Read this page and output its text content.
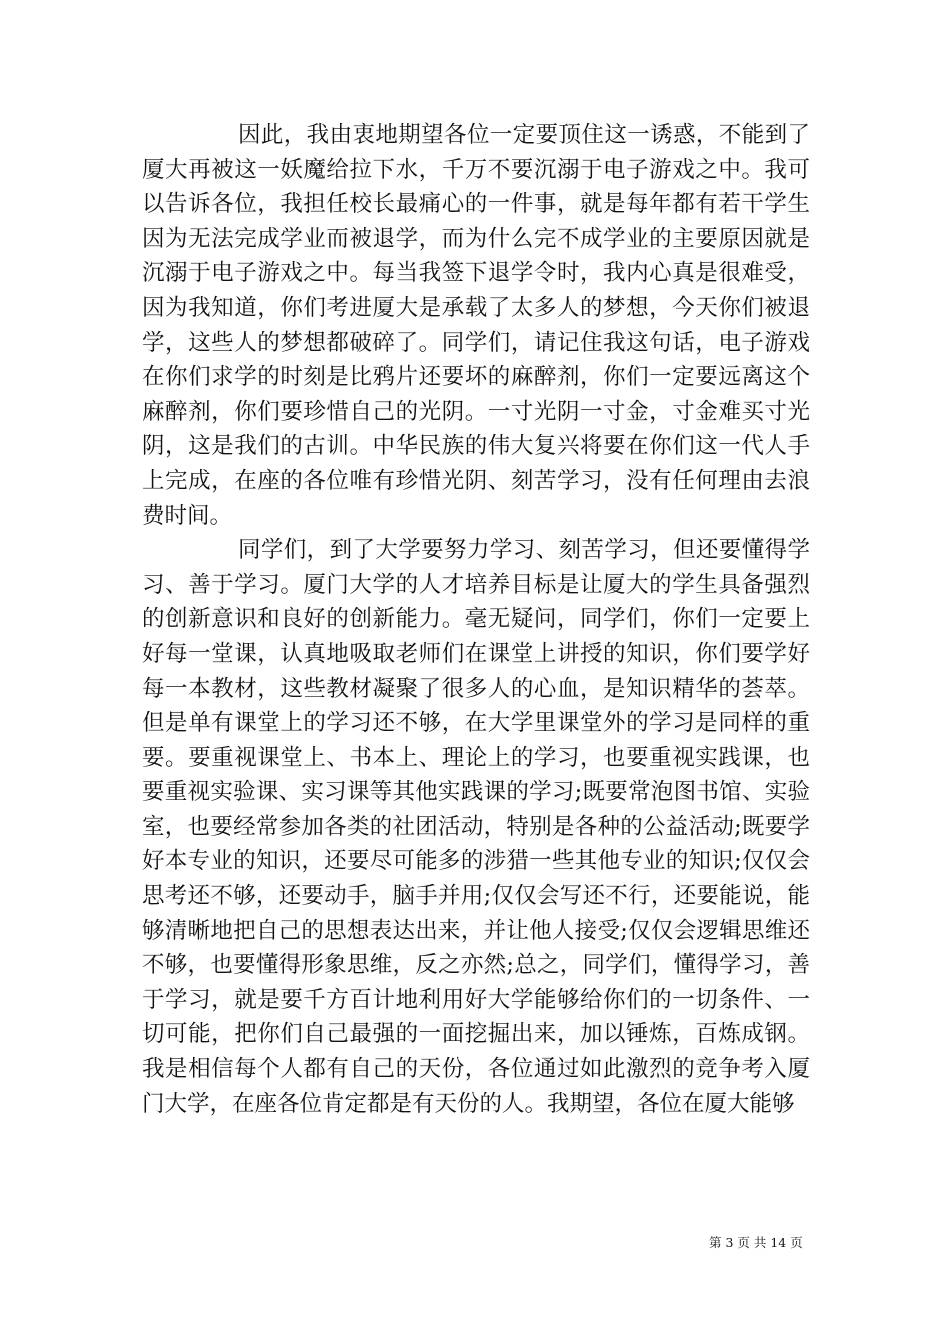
因此，我由衷地期望各位一定要顶住这一诱惑，不能到了厦大再被这一妖魔给拉下水，千万不要沉溺于电子游戏之中。我可以告诉各位，我担任校长最痛心的一件事，就是每年都有若干学生因为无法完成学业而被退学，而为什么完不成学业的主要原因就是沉溺于电子游戏之中。每当我签下退学令时，我内心真是很难受，因为我知道，你们考进厦大是承载了太多人的梦想，今天你们被退学，这些人的梦想都破碎了。同学们，请记住我这句话，电子游戏在你们求学的时刻是比鸦片还要坏的麻醉剂，你们一定要远离这个麻醉剂，你们要珍惜自己的光阴。一寸光阴一寸金，寸金难买寸光阴，这是我们的古训。中华民族的伟大复兴将要在你们这一代人手上完成，在座的各位唯有珍惜光阴、刻苦学习，没有任何理由去浪费时间。

同学们，到了大学要努力学习、刻苦学习，但还要懂得学习、善于学习。厦门大学的人才培养目标是让厦大的学生具备强烈的创新意识和良好的创新能力。毫无疑问，同学们，你们一定要上好每一堂课，认真地吸取老师们在课堂上讲授的知识，你们要学好每一本教材，这些教材凝聚了很多人的心血，是知识精华的荟萃。但是单有课堂上的学习还不够，在大学里课堂外的学习是同样的重要。要重视课堂上、书本上、理论上的学习，也要重视实践课，也要重视实验课、实习课等其他实践课的学习;既要常泡图书馆、实验室，也要经常参加各类的社团活动，特别是各种的公益活动;既要学好本专业的知识，还要尽可能多的涉猎一些其他专业的知识;仅仅会思考还不够，还要动手，脑手并用;仅仅会写还不行，还要能说，能够清晰地把自己的思想表达出来，并让他人接受;仅仅会逻辑思维还不够，也要懂得形象思维，反之亦然;总之，同学们，懂得学习，善于学习，就是要千方百计地利用好大学能够给你们的一切条件、一切可能，把你们自己最强的一面挖掘出来，加以锤炼，百炼成钢。我是相信每个人都有自己的天份，各位通过如此激烈的竞争考入厦门大学，在座各位肯定都是有天份的人。我期望，各位在厦大能够

第 3 页 共 14 页
